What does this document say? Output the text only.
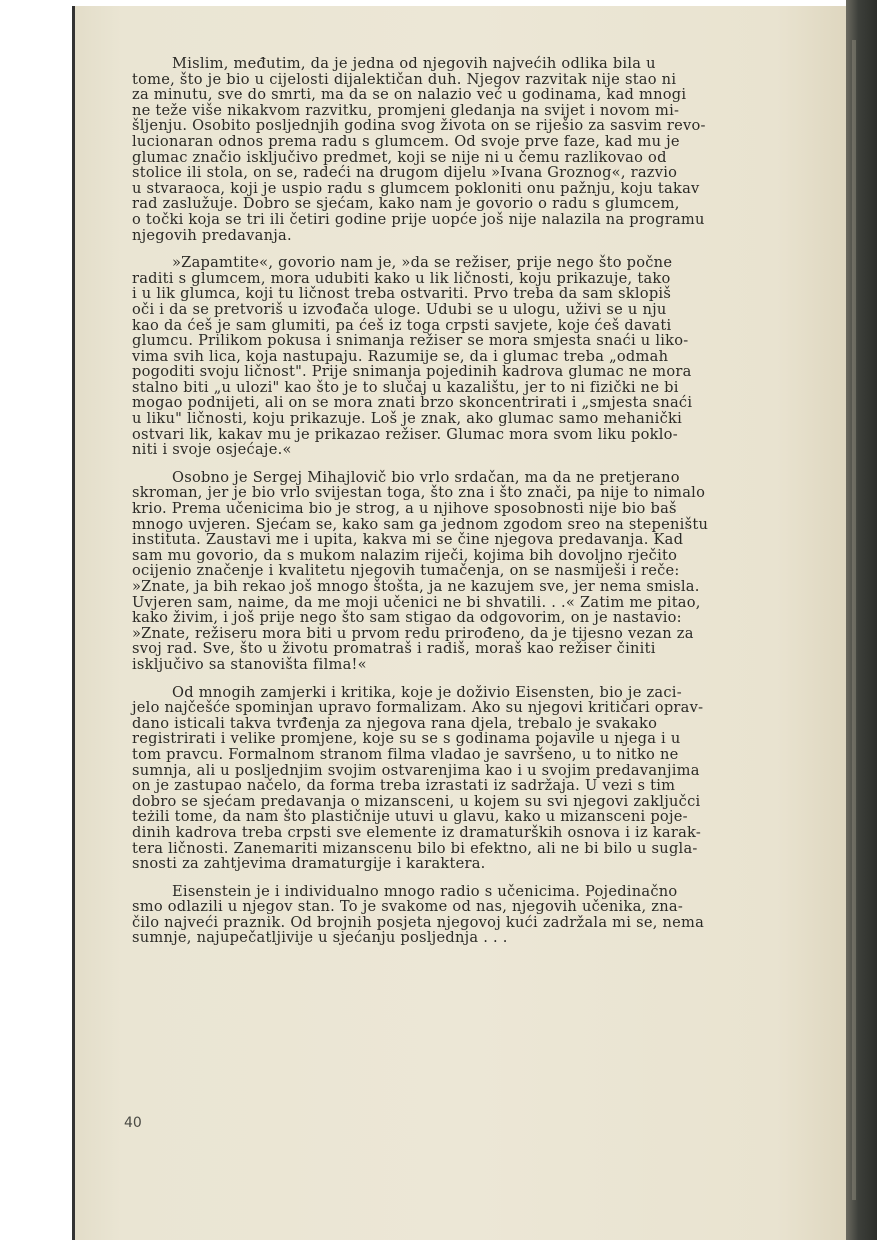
Mislim, međutim, da je jedna od njegovih najvećih odlika bila u
tome, što je bio u cijelosti dijalektičan duh. Njegov razvitak nije stao ni
za minutu, sve do smrti, ma da se on nalazio već u godinama, kad mnogi
ne teže više nikakvom razvitku, promjeni gledanja na svijet i novom mi-
šljenju. Osobito posljednjih godina svog života on se riješio za sasvim revo-
lucionaran odnos prema radu s glumcem. Od svoje prve faze, kad mu je
glumac značio isključivo predmet, koji se nije ni u čemu razlikovao od
stolice ili stola, on se, radeći na drugom dijelu »Ivana Groznog«, razvio
u stvaraoca, koji je uspio radu s glumcem pokloniti onu pažnju, koju takav
rad zaslužuje. Dobro se sjećam, kako nam je govorio o radu s glumcem,
o točki koja se tri ili četiri godine prije uopće još nije nalazila na programu
njegovih predavanja.

»Zapamtite«, govorio nam je, »da se režiser, prije nego što počne
raditi s glumcem, mora udubiti kako u lik ličnosti, koju prikazuje, tako
i u lik glumca, koji tu ličnost treba ostvariti. Prvo treba da sam sklopiš
oči i da se pretvoriš u izvođača uloge. Udubi se u ulogu, uživi se u nju
kao da ćeš je sam glumiti, pa ćeš iz toga crpsti savjete, koje ćeš davati
glumcu. Prilikom pokusa i snimanja režiser se mora smjesta snaći u liko-
vima svih lica, koja nastupaju. Razumije se, da i glumac treba „odmah
pogoditi svoju ličnost". Prije snimanja pojedinih kadrova glumac ne mora
stalno biti „u ulozi" kao što je to slučaj u kazalištu, jer to ni fizički ne bi
mogao podnijeti, ali on se mora znati brzo skoncentrirati i „smjesta snaći
u liku" ličnosti, koju prikazuje. Loš je znak, ako glumac samo mehanički
ostvari lik, kakav mu je prikazao režiser. Glumac mora svom liku poklo-
niti i svoje osjećaje.«

Osobno je Sergej Mihajlovič bio vrlo srdačan, ma da ne pretjerano
skroman, jer je bio vrlo svijestan toga, što zna i što znači, pa nije to nimalo
krio. Prema učenicima bio je strog, a u njihove sposobnosti nije bio baš
mnogo uvjeren. Sjećam se, kako sam ga jednom zgodom sreo na stepeništu
instituta. Zaustavi me i upita, kakva mi se čine njegova predavanja. Kad
sam mu govorio, da s mukom nalazim riječi, kojima bih dovoljno rječito
ocijenio značenje i kvalitetu njegovih tumačenja, on se nasmiješi i reče:
»Znate, ja bih rekao još mnogo štošta, ja ne kazujem sve, jer nema smisla.
Uvjeren sam, naime, da me moji učenici ne bi shvatili. . .« Zatim me pitao,
kako živim, i još prije nego što sam stigao da odgovorim, on je nastavio:
»Znate, režiseru mora biti u prvom redu prirođeno, da je tijesno vezan za
svoj rad. Sve, što u životu promatraš i radiš, moraš kao režiser činiti
isključivo sa stanovišta filma!«

Od mnogih zamjerki i kritika, koje je doživio Eisensten, bio je zaci-
jelo najčešće spominjan upravo formalizam. Ako su njegovi kritičari oprav-
dano isticali takva tvrđenja za njegova rana djela, trebalo je svakako
registrirati i velike promjene, koje su se s godinama pojavile u njega i u
tom pravcu. Formalnom stranom filma vladao je savršeno, u to nitko ne
sumnja, ali u posljednjim svojim ostvarenjima kao i u svojim predavanjima
on je zastupao načelo, da forma treba izrastati iz sadržaja. U vezi s tim
dobro se sjećam predavanja o mizansceni, u kojem su svi njegovi zaključci
teżili tome, da nam što plastičnije utuvi u glavu, kako u mizansceni poje-
dinih kadrova treba crpsti sve elemente iz dramaturških osnova i iz karak-
tera ličnosti. Zanemariti mizanscenu bilo bi efektno, ali ne bi bilo u sugla-
snosti za zahtjevima dramaturgije i karaktera.

Eisenstein je i individualno mnogo radio s učenicima. Pojedinačno
smo odlazili u njegov stan. To je svakome od nas, njegovih učenika, zna-
čilo najveći praznik. Od brojnih posjeta njegovoj kući zadržala mi se, nema
sumnje, najupečatljivije u sjećanju posljednja . . .

40
